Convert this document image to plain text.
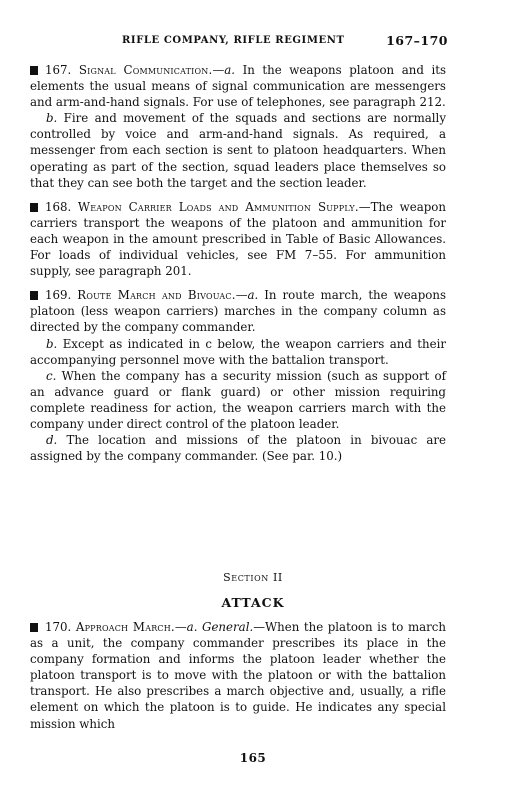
RIFLE COMPANY, RIFLE REGIMENT	167–170

167. Signal Communication.—a. In the weapons platoon and its elements the usual means of signal communication are messengers and arm-and-hand signals. For use of telephones, see paragraph 212.

b. Fire and movement of the squads and sections are normally controlled by voice and arm-and-hand signals. As required, a messenger from each section is sent to platoon headquarters. When operating as part of the section, squad leaders place themselves so that they can see both the target and the section leader.

168. Weapon Carrier Loads and Ammunition Supply.—The weapon carriers transport the weapons of the platoon and ammunition for each weapon in the amount prescribed in Table of Basic Allowances. For loads of individual vehicles, see FM 7–55. For ammunition supply, see paragraph 201.

169. Route March and Bivouac.—a. In route march, the weapons platoon (less weapon carriers) marches in the company column as directed by the company commander.

b. Except as indicated in c below, the weapon carriers and their accompanying personnel move with the battalion transport.

c. When the company has a security mission (such as support of an advance guard or flank guard) or other mission requiring complete readiness for action, the weapon carriers march with the company under direct control of the platoon leader.

d. The location and missions of the platoon in bivouac are assigned by the company commander. (See par. 10.)

Section II
ATTACK

170. Approach March.—a. General.—When the platoon is to march as a unit, the company commander prescribes its place in the company formation and informs the platoon leader whether the platoon transport is to move with the platoon or with the battalion transport. He also prescribes a march objective and, usually, a rifle element on which the platoon is to guide. He indicates any special mission which

165
